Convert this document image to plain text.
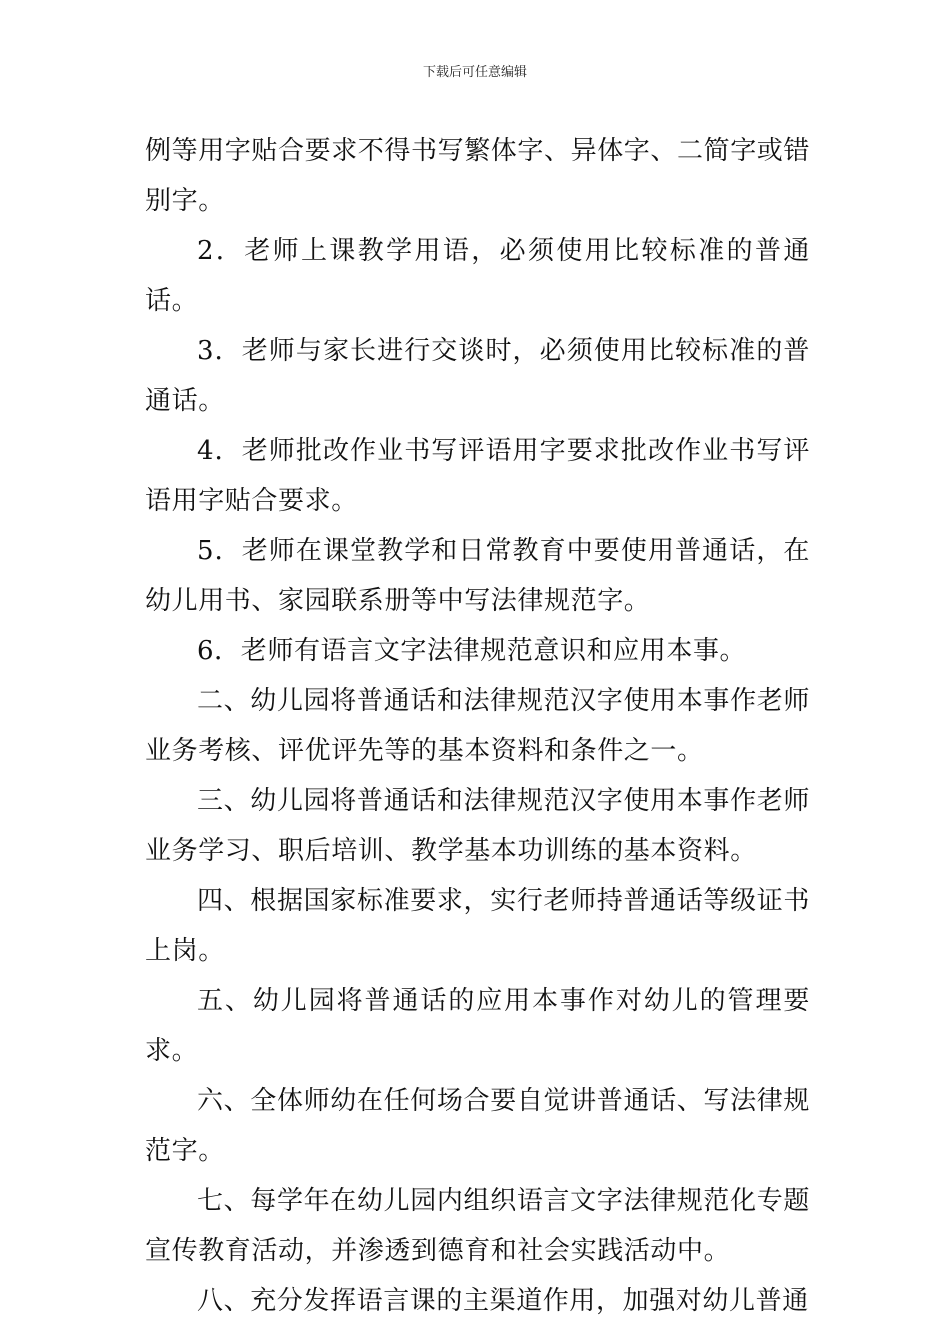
下载后可任意编辑

例等用字贴合要求不得书写繁体字、异体字、二简字或错别字。

2．老师上课教学用语，必须使用比较标准的普通话。

3．老师与家长进行交谈时，必须使用比较标准的普通话。

4．老师批改作业书写评语用字要求批改作业书写评语用字贴合要求。

5．老师在课堂教学和日常教育中要使用普通话，在幼儿用书、家园联系册等中写法律规范字。

6．老师有语言文字法律规范意识和应用本事。

二、幼儿园将普通话和法律规范汉字使用本事作老师业务考核、评优评先等的基本资料和条件之一。

三、幼儿园将普通话和法律规范汉字使用本事作老师业务学习、职后培训、教学基本功训练的基本资料。

四、根据国家标准要求，实行老师持普通话等级证书上岗。

五、幼儿园将普通话的应用本事作对幼儿的管理要求。

六、全体师幼在任何场合要自觉讲普通话、写法律规范字。

七、每学年在幼儿园内组织语言文字法律规范化专题宣传教育活动，并渗透到德育和社会实践活动中。

八、充分发挥语言课的主渠道作用，加强对幼儿普通
